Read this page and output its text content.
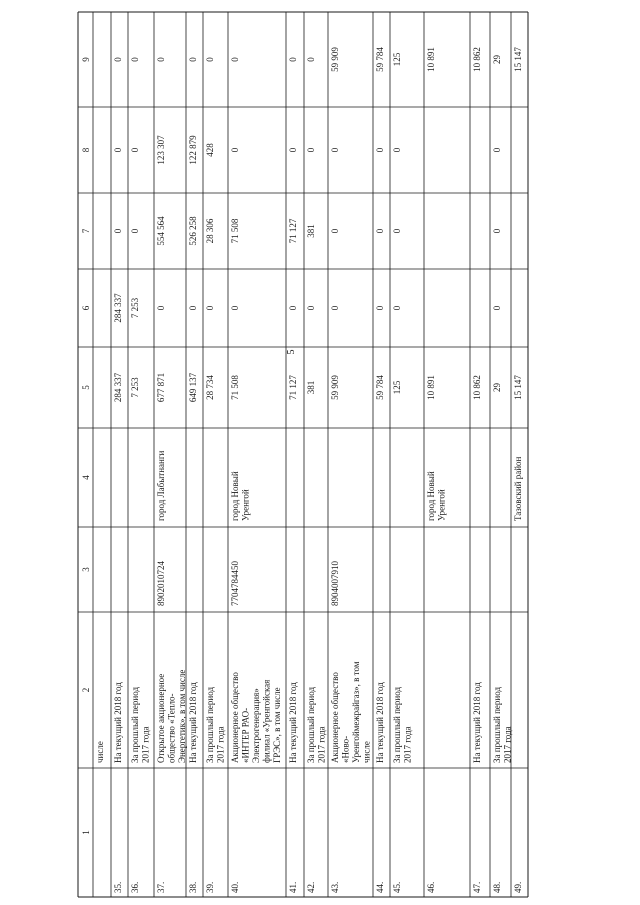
5
1
2
3
4
5
6
7
8
9
числе
35.
На текущий 2018 год
284 337
284 337
0
0
0
36.
За прошлый период 2017 года
7 253
7 253
0
0
0
37.
Открытое акционерное общество «Тепло- Энергетик», в том числе
8902010724
город Лабытнанги
677 871
0
554 564
123 307
0
38.
На текущий 2018 год
649 137
0
526 258
122 879
0
39.
За прошлый период 2017 года
28 734
0
28 306
428
0
40.
Акционерное общество «ИНТЕР РАО- Электрогенерация» филиал «Уренгойская ГРЭС», в том числе
7704784450
город Новый Уренгой
71 508
0
71 508
0
0
41.
На текущий 2018 год
71 127
0
71 127
0
0
42.
За прошлый период 2017 года
381
0
381
0
0
43.
Акционерное общество «Ново- Уренгоймежрайгаз», в том числе
8904007910
59 909
0
0
0
59 909
44.
На текущий 2018 год
59 784
0
0
0
59 784
45.
За прошлый период 2017 года
125
0
0
0
125
46.
город Новый Уренгой
10 891
10 891
47.
На текущий 2018 год
10 862
10 862
48.
За прошлый период 2017 года
29
0
0
0
29
49.
Тазовский район
15 147
15 147
